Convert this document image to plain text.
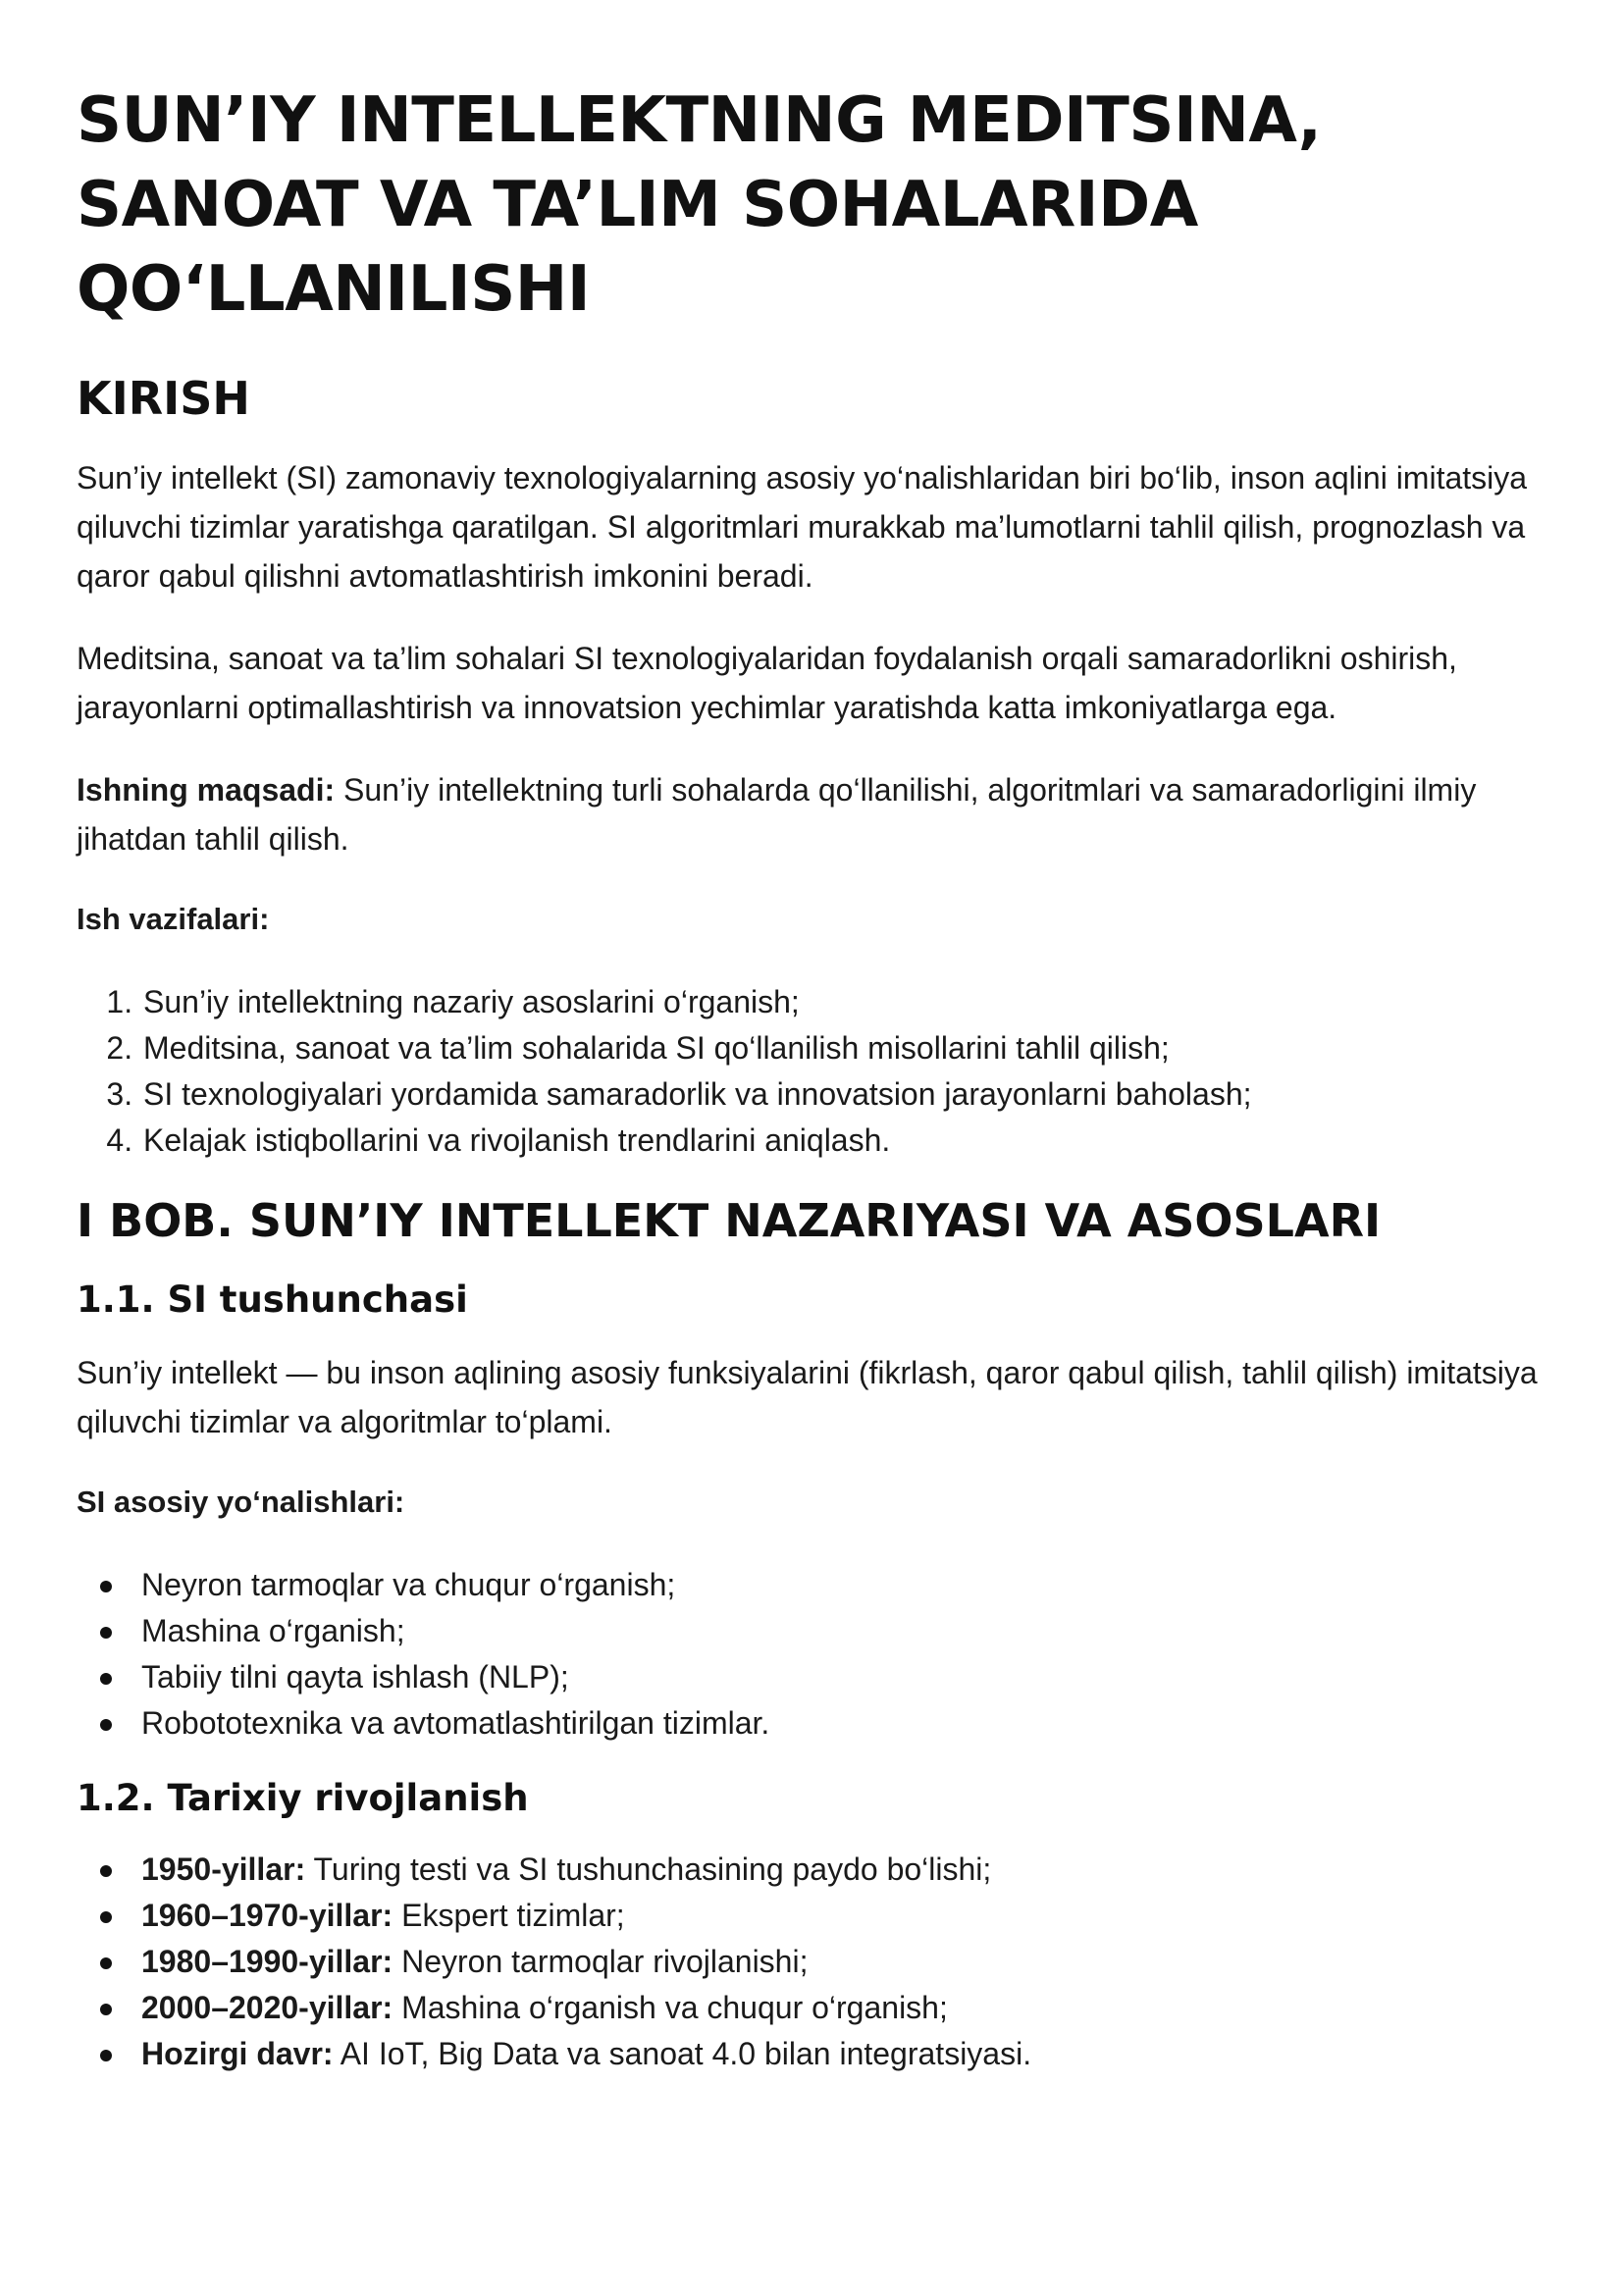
SUN’IY INTELLEKTNING MEDITSINA, SANOAT VA TA’LIM SOHALARIDA QO‘LLANILISHI
KIRISH

Sun’iy intellekt (SI) zamonaviy texnologiyalarning asosiy yo‘nalishlaridan biri bo‘lib, inson aqlini imitatsiya qiluvchi tizimlar yaratishga qaratilgan. SI algoritmlari murakkab ma’lumotlarni tahlil qilish, prognozlash va qaror qabul qilishni avtomatlashtirish imkonini beradi.

Meditsina, sanoat va ta’lim sohalari SI texnologiyalaridan foydalanish orqali samaradorlikni oshirish, jarayonlarni optimallashtirish va innovatsion yechimlar yaratishda katta imkoniyatlarga ega.

Ishning maqsadi: Sun’iy intellektning turli sohalarda qo‘llanilishi, algoritmlari va samaradorligini ilmiy jihatdan tahlil qilish.

Ish vazifalari:
1. Sun’iy intellektning nazariy asoslarini o‘rganish;
2. Meditsina, sanoat va ta’lim sohalarida SI qo‘llanilish misollarini tahlil qilish;
3. SI texnologiyalari yordamida samaradorlik va innovatsion jarayonlarni baholash;
4. Kelajak istiqbollarini va rivojlanish trendlarini aniqlash.
I BOB. SUN’IY INTELLEKT NAZARIYASI VA ASOSLARI
1.1. SI tushunchasi

Sun’iy intellekt — bu inson aqlining asosiy funksiyalarini (fikrlash, qaror qabul qilish, tahlil qilish) imitatsiya qiluvchi tizimlar va algoritmlar to‘plami.

SI asosiy yo‘nalishlari:
Neyron tarmoqlar va chuqur o‘rganish;
Mashina o‘rganish;
Tabiiy tilni qayta ishlash (NLP);
Robototexnika va avtomatlashtirilgan tizimlar.
1.2. Tarixiy rivojlanish
1950-yillar: Turing testi va SI tushunchasining paydo bo‘lishi;
1960–1970-yillar: Ekspert tizimlar;
1980–1990-yillar: Neyron tarmoqlar rivojlanishi;
2000–2020-yillar: Mashina o‘rganish va chuqur o‘rganish;
Hozirgi davr: AI IoT, Big Data va sanoat 4.0 bilan integratsiyasi.
